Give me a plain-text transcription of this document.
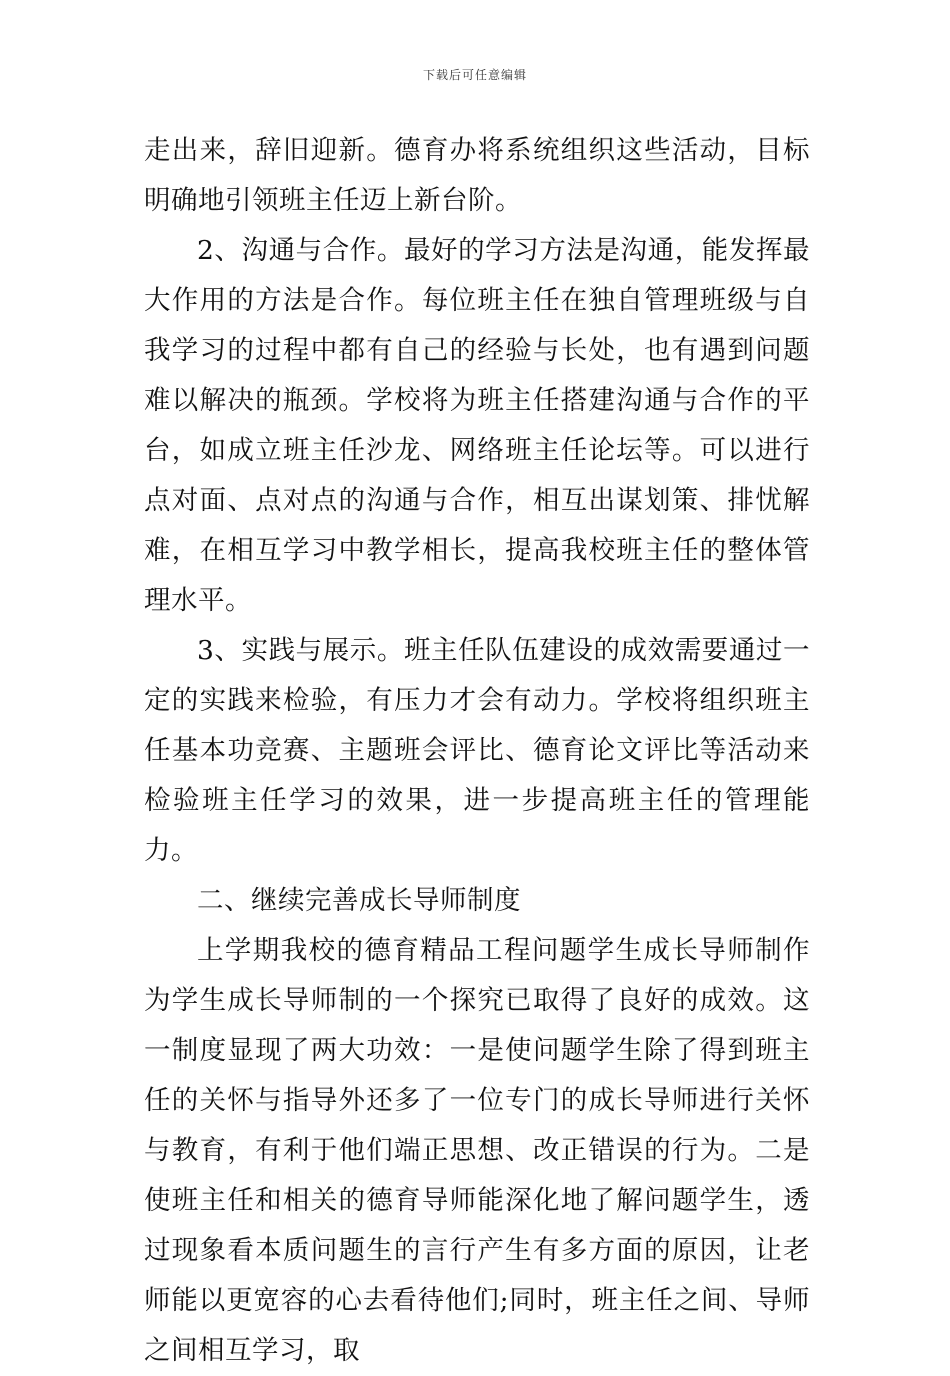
下载后可任意编辑

走出来，辞旧迎新。德育办将系统组织这些活动，目标明确地引领班主任迈上新台阶。

2、沟通与合作。最好的学习方法是沟通，能发挥最大作用的方法是合作。每位班主任在独自管理班级与自我学习的过程中都有自己的经验与长处，也有遇到问题难以解决的瓶颈。学校将为班主任搭建沟通与合作的平台，如成立班主任沙龙、网络班主任论坛等。可以进行点对面、点对点的沟通与合作，相互出谋划策、排忧解难，在相互学习中教学相长，提高我校班主任的整体管理水平。

3、实践与展示。班主任队伍建设的成效需要通过一定的实践来检验，有压力才会有动力。学校将组织班主任基本功竞赛、主题班会评比、德育论文评比等活动来检验班主任学习的效果，进一步提高班主任的管理能力。

二、继续完善成长导师制度

上学期我校的德育精品工程问题学生成长导师制作为学生成长导师制的一个探究已取得了良好的成效。这一制度显现了两大功效：一是使问题学生除了得到班主任的关怀与指导外还多了一位专门的成长导师进行关怀与教育，有利于他们端正思想、改正错误的行为。二是使班主任和相关的德育导师能深化地了解问题学生，透过现象看本质问题生的言行产生有多方面的原因，让老师能以更宽容的心去看待他们;同时，班主任之间、导师之间相互学习，取
